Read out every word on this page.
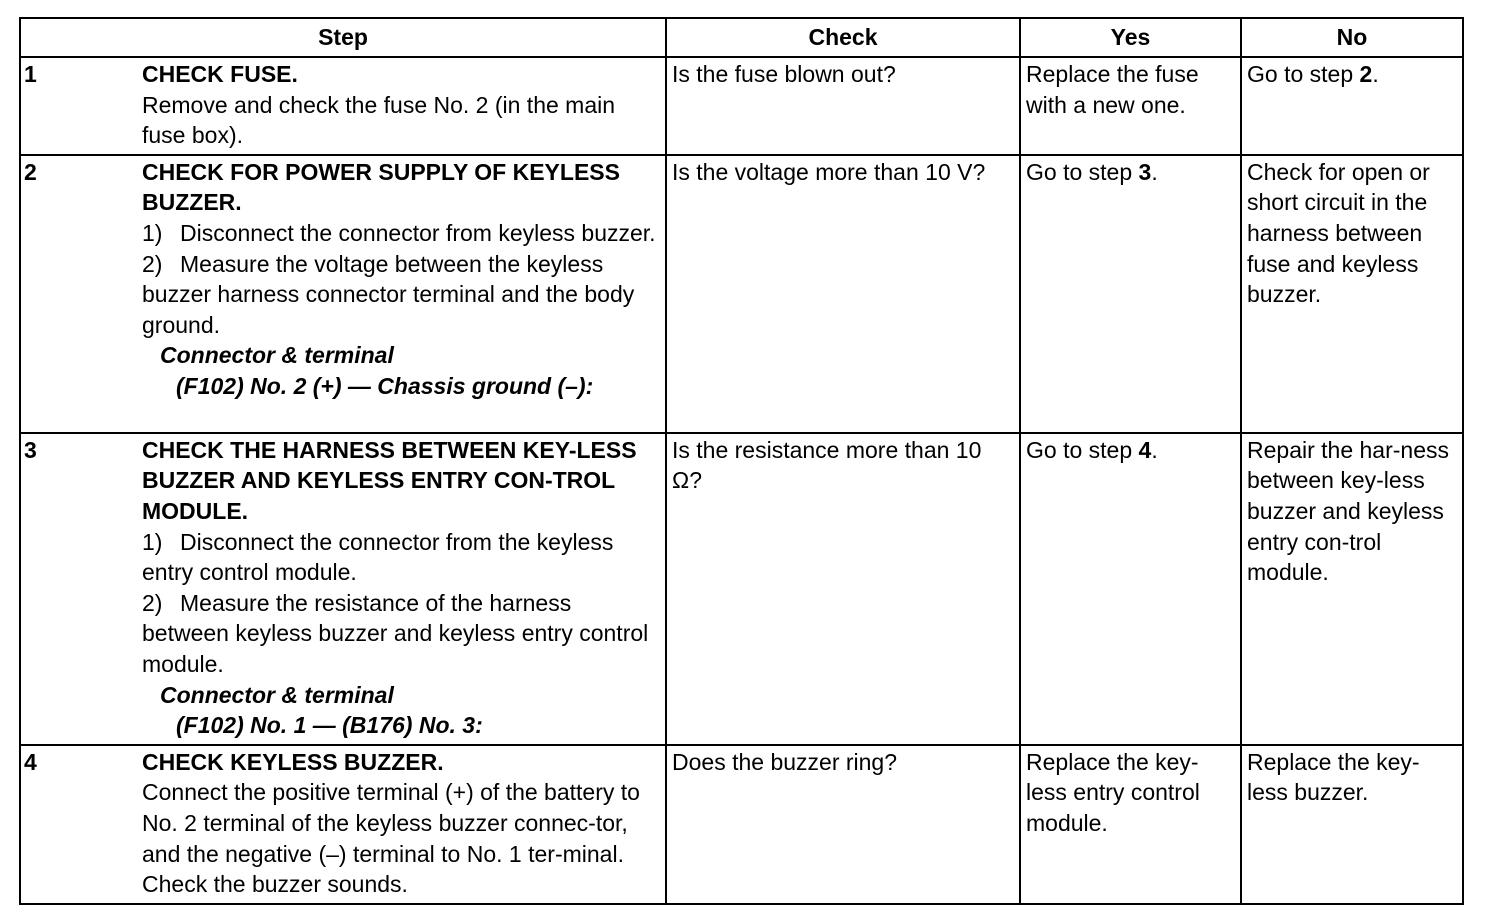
Step		Check	Yes	No
1	CHECK FUSE.
Remove and check the fuse No. 2 (in the main fuse box).	Is the fuse blown out?	Replace the fuse with a new one.	Go to step 2.
2	CHECK FOR POWER SUPPLY OF KEYLESS BUZZER.
1) Disconnect the connector from keyless buzzer.
2) Measure the voltage between the keyless buzzer harness connector terminal and the body ground.
Connector & terminal
(F102) No. 2 (+) — Chassis ground (–):	Is the voltage more than 10 V?	Go to step 3.	Check for open or short circuit in the harness between fuse and keyless buzzer.
3	CHECK THE HARNESS BETWEEN KEY-LESS BUZZER AND KEYLESS ENTRY CON-TROL MODULE.
1) Disconnect the connector from the keyless entry control module.
2) Measure the resistance of the harness between keyless buzzer and keyless entry control module.
Connector & terminal
(F102) No. 1 — (B176) No. 3:	Is the resistance more than 10 Ω?	Go to step 4.	Repair the har-ness between key-less buzzer and keyless entry con-trol module.
4	CHECK KEYLESS BUZZER.
Connect the positive terminal (+) of the battery to No. 2 terminal of the keyless buzzer connec-tor, and the negative (–) terminal to No. 1 ter-minal. Check the buzzer sounds.	Does the buzzer ring?	Replace the key-less entry control module.	Replace the key-less buzzer.
